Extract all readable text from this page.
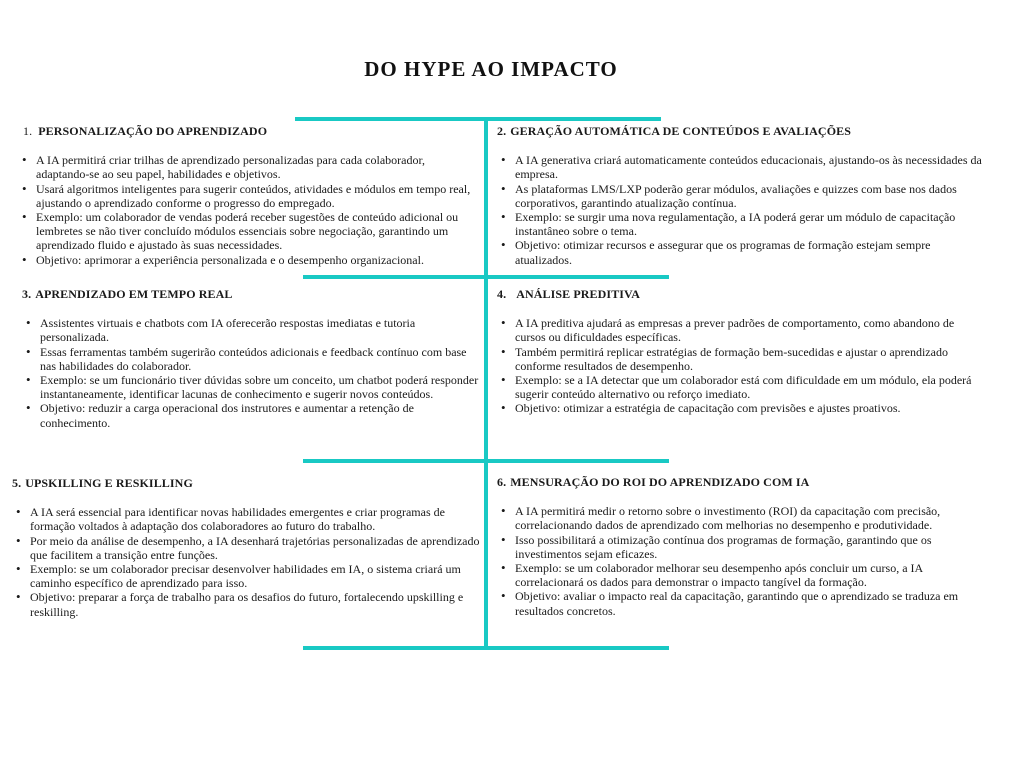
DO HYPE AO IMPACTO
1. PERSONALIZAÇÃO DO APRENDIZADO
• A IA permitirá criar trilhas de aprendizado personalizadas para cada colaborador, adaptando-se ao seu papel, habilidades e objetivos.
• Usará algoritmos inteligentes para sugerir conteúdos, atividades e módulos em tempo real, ajustando o aprendizado conforme o progresso do empregado.
• Exemplo: um colaborador de vendas poderá receber sugestões de conteúdo adicional ou lembretes se não tiver concluído módulos essenciais sobre negociação, garantindo um aprendizado fluido e ajustado às suas necessidades.
• Objetivo: aprimorar a experiência personalizada e o desempenho organizacional.
2. GERAÇÃO AUTOMÁTICA DE CONTEÚDOS E AVALIAÇÕES
• A IA generativa criará automaticamente conteúdos educacionais, ajustando-os às necessidades da empresa.
• As plataformas LMS/LXP poderão gerar módulos, avaliações e quizzes com base nos dados corporativos, garantindo atualização contínua.
• Exemplo: se surgir uma nova regulamentação, a IA poderá gerar um módulo de capacitação instantâneo sobre o tema.
• Objetivo: otimizar recursos e assegurar que os programas de formação estejam sempre atualizados.
3. APRENDIZADO EM TEMPO REAL
• Assistentes virtuais e chatbots com IA oferecerão respostas imediatas e tutoria personalizada.
• Essas ferramentas também sugerirão conteúdos adicionais e feedback contínuo com base nas habilidades do colaborador.
• Exemplo: se um funcionário tiver dúvidas sobre um conceito, um chatbot poderá responder instantaneamente, identificar lacunas de conhecimento e sugerir novos conteúdos.
• Objetivo: reduzir a carga operacional dos instrutores e aumentar a retenção de conhecimento.
4. ANÁLISE PREDITIVA
• A IA preditiva ajudará as empresas a prever padrões de comportamento, como abandono de cursos ou dificuldades específicas.
• Também permitirá replicar estratégias de formação bem-sucedidas e ajustar o aprendizado conforme resultados de desempenho.
• Exemplo: se a IA detectar que um colaborador está com dificuldade em um módulo, ela poderá sugerir conteúdo alternativo ou reforço imediato.
• Objetivo: otimizar a estratégia de capacitação com previsões e ajustes proativos.
5. UPSKILLING E RESKILLING
• A IA será essencial para identificar novas habilidades emergentes e criar programas de formação voltados à adaptação dos colaboradores ao futuro do trabalho.
• Por meio da análise de desempenho, a IA desenhará trajetórias personalizadas de aprendizado que facilitem a transição entre funções.
• Exemplo: se um colaborador precisar desenvolver habilidades em IA, o sistema criará um caminho específico de aprendizado para isso.
• Objetivo: preparar a força de trabalho para os desafios do futuro, fortalecendo upskilling e reskilling.
6. MENSURAÇÃO DO ROI DO APRENDIZADO COM IA
• A IA permitirá medir o retorno sobre o investimento (ROI) da capacitação com precisão, correlacionando dados de aprendizado com melhorias no desempenho e produtividade.
• Isso possibilitará a otimização contínua dos programas de formação, garantindo que os investimentos sejam eficazes.
• Exemplo: se um colaborador melhorar seu desempenho após concluir um curso, a IA correlacionará os dados para demonstrar o impacto tangível da formação.
• Objetivo: avaliar o impacto real da capacitação, garantindo que o aprendizado se traduza em resultados concretos.
